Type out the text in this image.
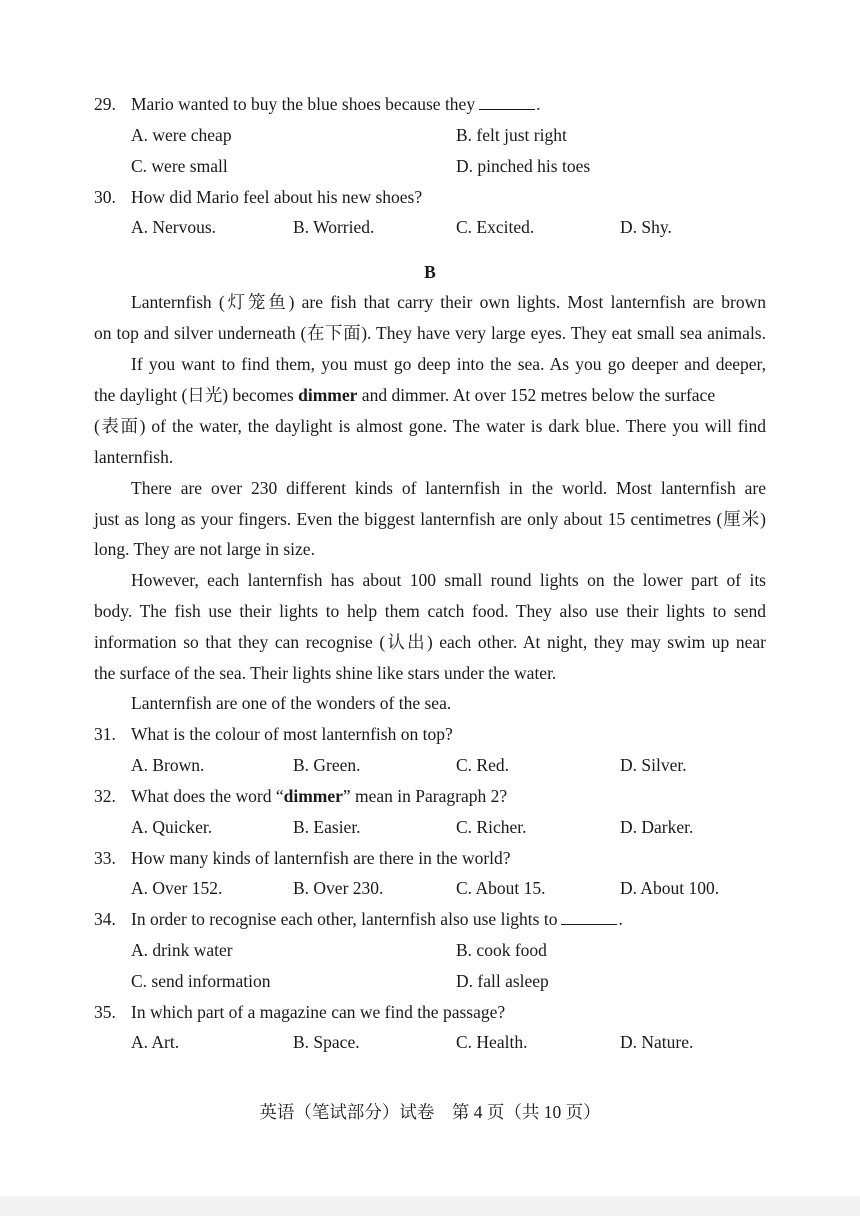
29. Mario wanted to buy the blue shoes because they	.
A. were cheap	B. felt just right
C. were small	D. pinched his toes
30. How did Mario feel about his new shoes?
A. Nervous.	B. Worried.	C. Excited.	D. Shy.
B
Lanternfish (灯笼鱼) are fish that carry their own lights. Most lanternfish are brown
on top and silver underneath (在下面). They have very large eyes. They eat small sea animals.
If you want to find them, you must go deep into the sea. As you go deeper and deeper,
the daylight (日光) becomes dimmer and dimmer. At over 152 metres below the surface
(表面) of the water, the daylight is almost gone. The water is dark blue. There you will find
lanternfish.
There are over 230 different kinds of lanternfish in the world. Most lanternfish are
just as long as your fingers. Even the biggest lanternfish are only about 15 centimetres (厘米)
long. They are not large in size.
However, each lanternfish has about 100 small round lights on the lower part of its
body. The fish use their lights to help them catch food. They also use their lights to send
information so that they can recognise (认出) each other. At night, they may swim up near
the surface of the sea. Their lights shine like stars under the water.
Lanternfish are one of the wonders of the sea.
31. What is the colour of most lanternfish on top?
A. Brown.	B. Green.	C. Red.	D. Silver.
32. What does the word “dimmer” mean in Paragraph 2?
A. Quicker.	B. Easier.	C. Richer.	D. Darker.
33. How many kinds of lanternfish are there in the world?
A. Over 152.	B. Over 230.	C. About 15.	D. About 100.
34. In order to recognise each other, lanternfish also use lights to	.
A. drink water	B. cook food
C. send information	D. fall asleep
35. In which part of a magazine can we find the passage?
A. Art.	B. Space.	C. Health.	D. Nature.
英语（笔试部分）试卷　第 4 页（共 10 页）
